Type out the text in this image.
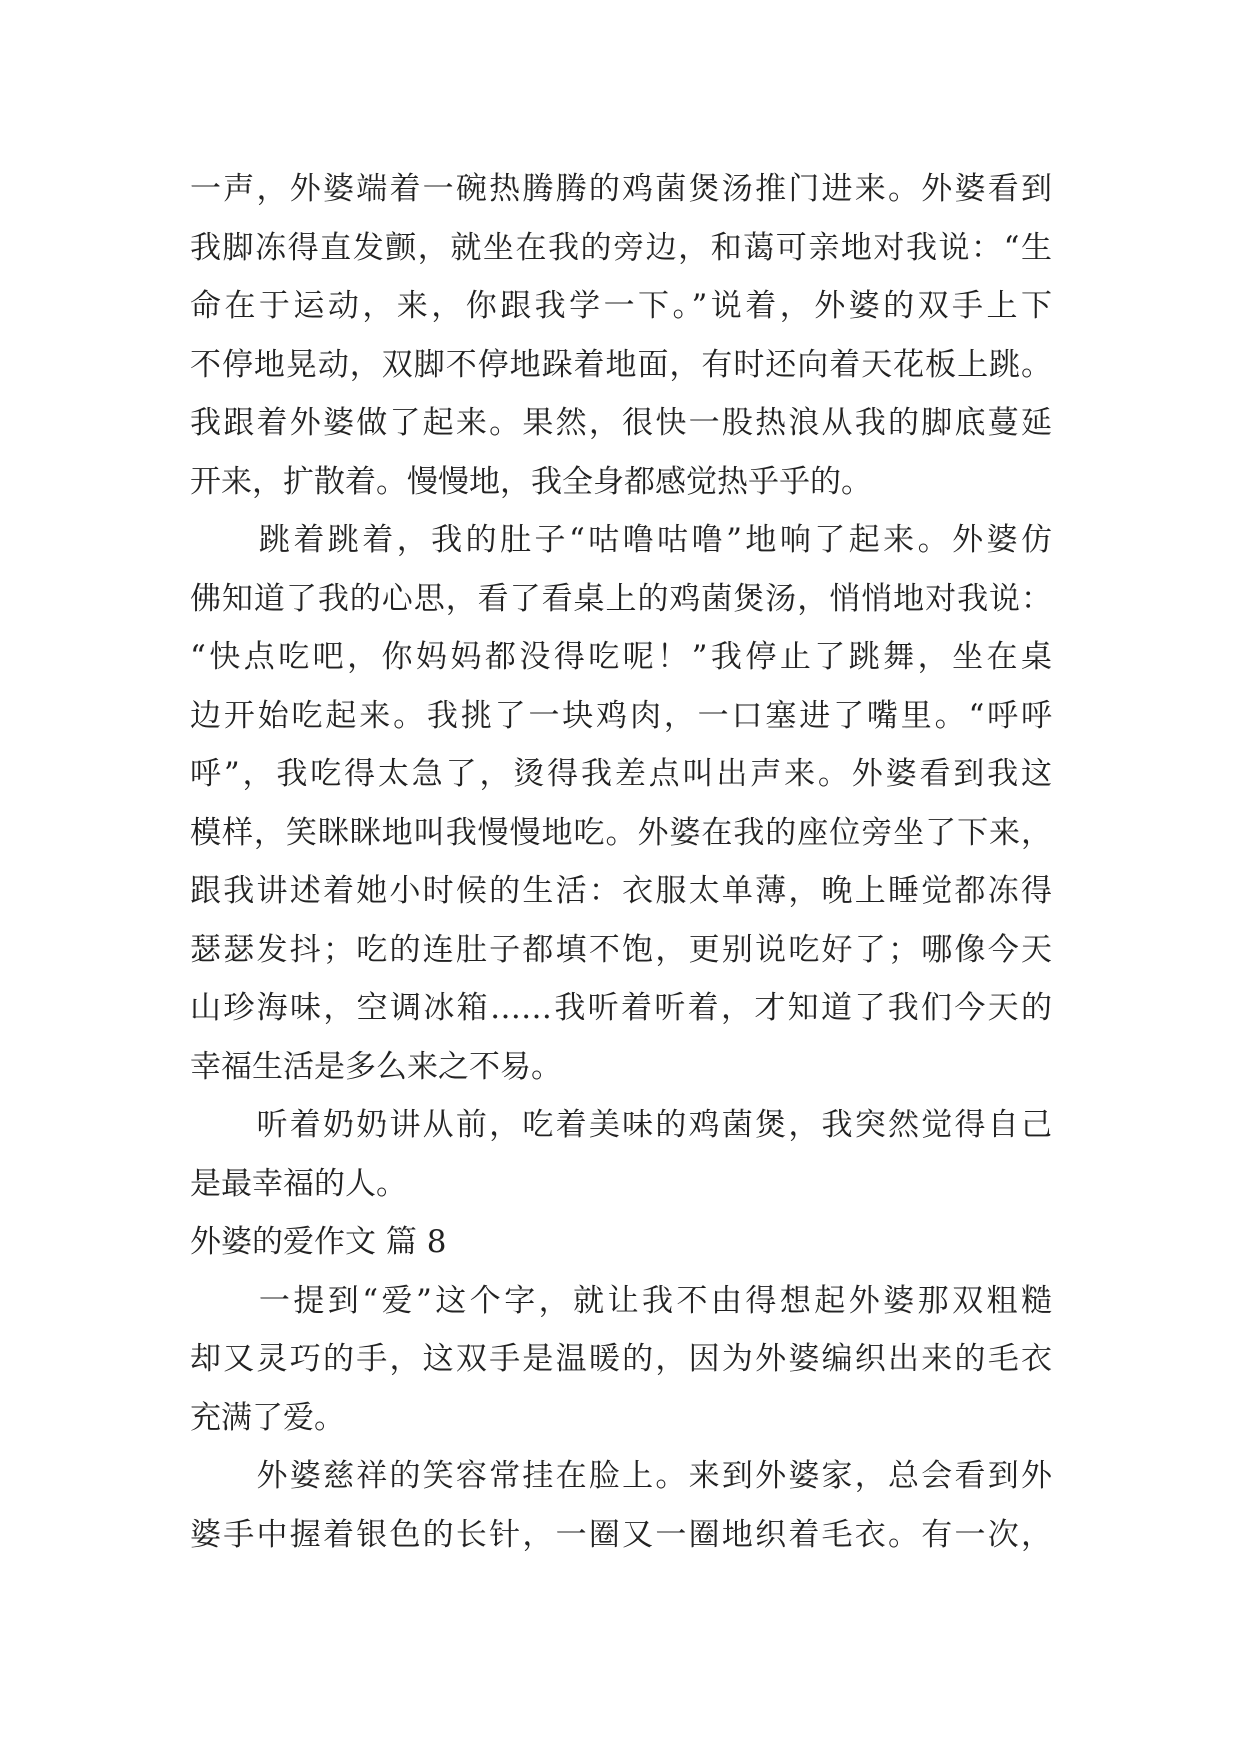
一声，外婆端着一碗热腾腾的鸡菌煲汤推门进来。外婆看到
我脚冻得直发颤，就坐在我的旁边，和蔼可亲地对我说：“生
命在于运动，来，你跟我学一下。”说着，外婆的双手上下
不停地晃动，双脚不停地跺着地面，有时还向着天花板上跳。
我跟着外婆做了起来。果然，很快一股热浪从我的脚底蔓延
开来，扩散着。慢慢地，我全身都感觉热乎乎的。
　　跳着跳着，我的肚子“咕噜咕噜”地响了起来。外婆仿
佛知道了我的心思，看了看桌上的鸡菌煲汤，悄悄地对我说：
“快点吃吧，你妈妈都没得吃呢！”我停止了跳舞，坐在桌
边开始吃起来。我挑了一块鸡肉，一口塞进了嘴里。“呼呼
呼”，我吃得太急了，烫得我差点叫出声来。外婆看到我这
模样，笑眯眯地叫我慢慢地吃。外婆在我的座位旁坐了下来，
跟我讲述着她小时候的生活：衣服太单薄，晚上睡觉都冻得
瑟瑟发抖；吃的连肚子都填不饱，更别说吃好了；哪像今天
山珍海味，空调冰箱……我听着听着，才知道了我们今天的
幸福生活是多么来之不易。
　　听着奶奶讲从前，吃着美味的鸡菌煲，我突然觉得自己
是最幸福的人。
外婆的爱作文 篇 8
　　一提到“爱”这个字，就让我不由得想起外婆那双粗糙
却又灵巧的手，这双手是温暖的，因为外婆编织出来的毛衣
充满了爱。
　　外婆慈祥的笑容常挂在脸上。来到外婆家，总会看到外
婆手中握着银色的长针，一圈又一圈地织着毛衣。有一次，
